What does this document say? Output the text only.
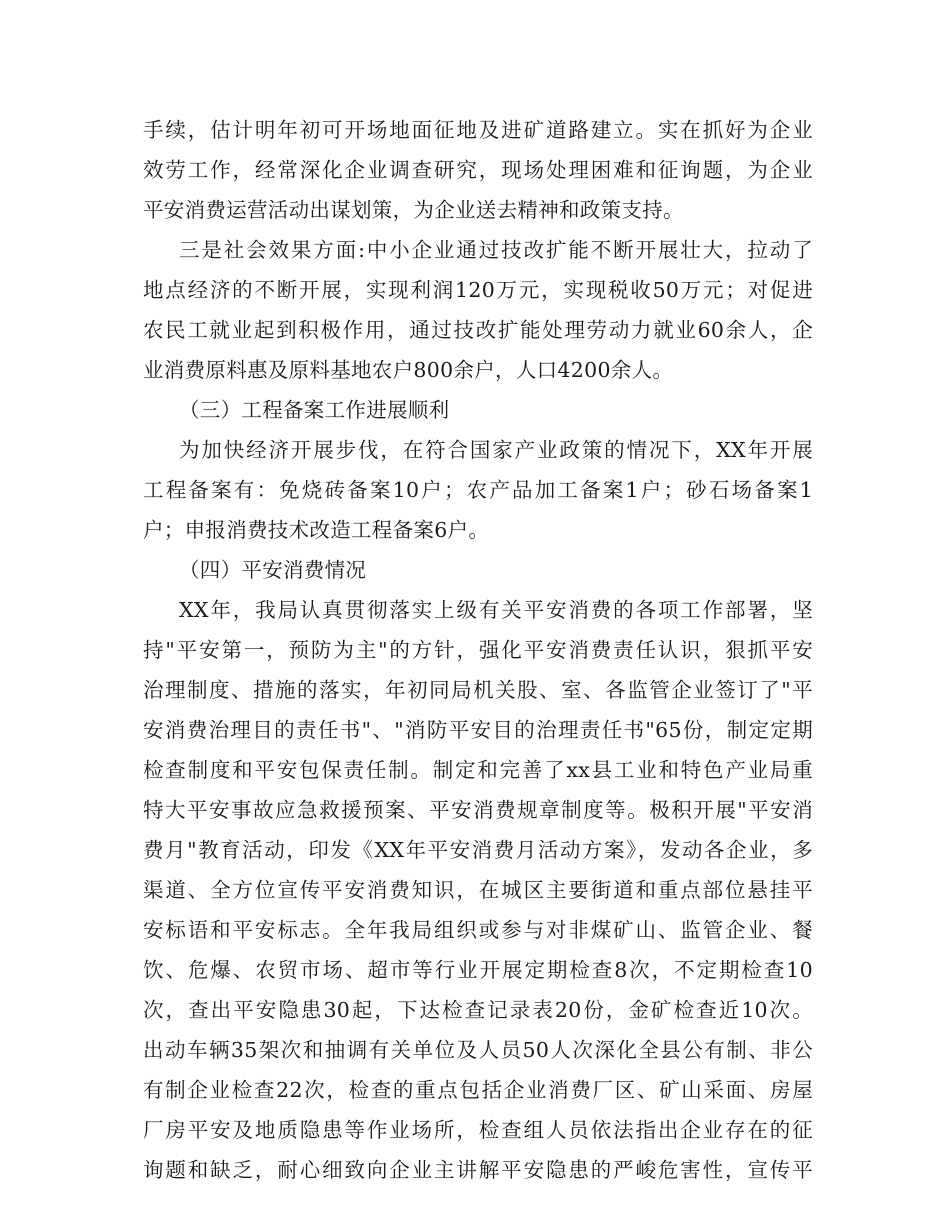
手续，估计明年初可开场地面征地及进矿道路建立。实在抓好为企业
效劳工作，经常深化企业调查研究，现场处理困难和征询题，为企业
平安消费运营活动出谋划策，为企业送去精神和政策支持。
三是社会效果方面:中小企业通过技改扩能不断开展壮大，拉动了
地点经济的不断开展，实现利润120万元，实现税收50万元；对促进
农民工就业起到积极作用，通过技改扩能处理劳动力就业60余人，企
业消费原料惠及原料基地农户800余户，人口4200余人。
（三）工程备案工作进展顺利
为加快经济开展步伐，在符合国家产业政策的情况下，XX年开展
工程备案有：免烧砖备案10户；农产品加工备案1户；砂石场备案1
户；申报消费技术改造工程备案6户。
（四）平安消费情况
XX年，我局认真贯彻落实上级有关平安消费的各项工作部署，坚
持"平安第一，预防为主"的方针，强化平安消费责任认识，狠抓平安
治理制度、措施的落实，年初同局机关股、室、各监管企业签订了"平
安消费治理目的责任书"、"消防平安目的治理责任书"65份，制定定期
检查制度和平安包保责任制。制定和完善了xx县工业和特色产业局重
特大平安事故应急救援预案、平安消费规章制度等。极积开展"平安消
费月"教育活动，印发《XX年平安消费月活动方案》，发动各企业，多
渠道、全方位宣传平安消费知识，在城区主要街道和重点部位悬挂平
安标语和平安标志。全年我局组织或参与对非煤矿山、监管企业、餐
饮、危爆、农贸市场、超市等行业开展定期检查8次，不定期检查10
次，查出平安隐患30起，下达检查记录表20份，金矿检查近10次。
出动车辆35架次和抽调有关单位及人员50人次深化全县公有制、非公
有制企业检查22次，检查的重点包括企业消费厂区、矿山采面、房屋
厂房平安及地质隐患等作业场所，检查组人员依法指出企业存在的征
询题和缺乏，耐心细致向企业主讲解平安隐患的严峻危害性，宣传平
